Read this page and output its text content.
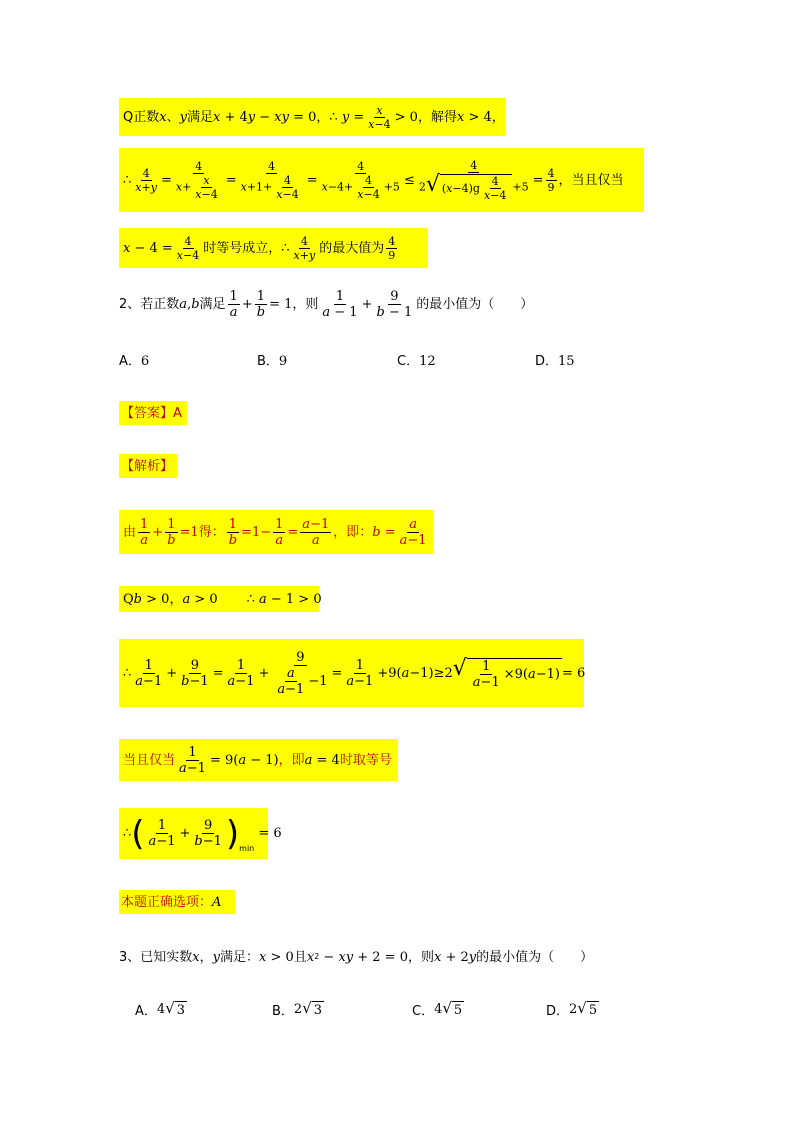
Q正数 x 、 y 满足 x + 4 y − xy = 0 ， ∴ $y = \frac{x}{x-4} > 0$ ，解得 x > 4 ，
∴ $\frac{4}{x+y} = \frac{4}{x+ \frac{x}{x-4}} = \frac{4}{x+1+ \frac{4}{x-4}} = \frac{4}{x-4+ \frac{4}{x-4} +5} \le \frac{4}{2 √ ( x -4)g \frac{4}{x-4} +5} = \frac{4}{9}$ ，当且仅当
$x - 4 = \frac{4}{x-4}$ 时等号成立， ∴ $\frac{4}{x+y}$ 的最大值为 $\frac{4}{9}$
2、 若正数 a , b 满足 $\frac{1}{a} + \frac{1}{b} = 1$ ，则 $\frac{1}{a - 1} + \frac{9}{b - 1}$ 的最小值为（　　）
A．6	B．9	C．12	D．15
【答案】 A
【解析】
由 $\frac{1}{a} + \frac{1}{b} =1$ 得： $\frac{1}{b} =1- \frac{1}{a} = \frac{a-1}{a}$ ，即： $b = \frac{a}{a-1}$
Q b > 0 ， a > 0       ∴ a − 1 > 0
∴ $\frac{1}{a-1} + \frac{9}{b-1} = \frac{1}{a-1} + \frac{9}{\frac{a}{a-1} -1} = \frac{1}{a-1} +9$( a −1)≥2 √ $\frac{1}{a-1} \times 9$( a −1) = 6
当且仅当 $\frac{1}{a-1} = 9$( a − 1) ，即 a = 4 时取等号
∴ ( $\frac{1}{a-1} + \frac{9}{b-1} )_{min}$
= 6
本题正确选项： A
3、 已知实数 x ， y 满足： x > 0 且 x 2 − xy + 2 = 0 ，则 x + 2 y 的最小值为（　　）
A． 4 √ 3	B． 2 √ 3	C． 4 √ 5	D． 2 √ 5
